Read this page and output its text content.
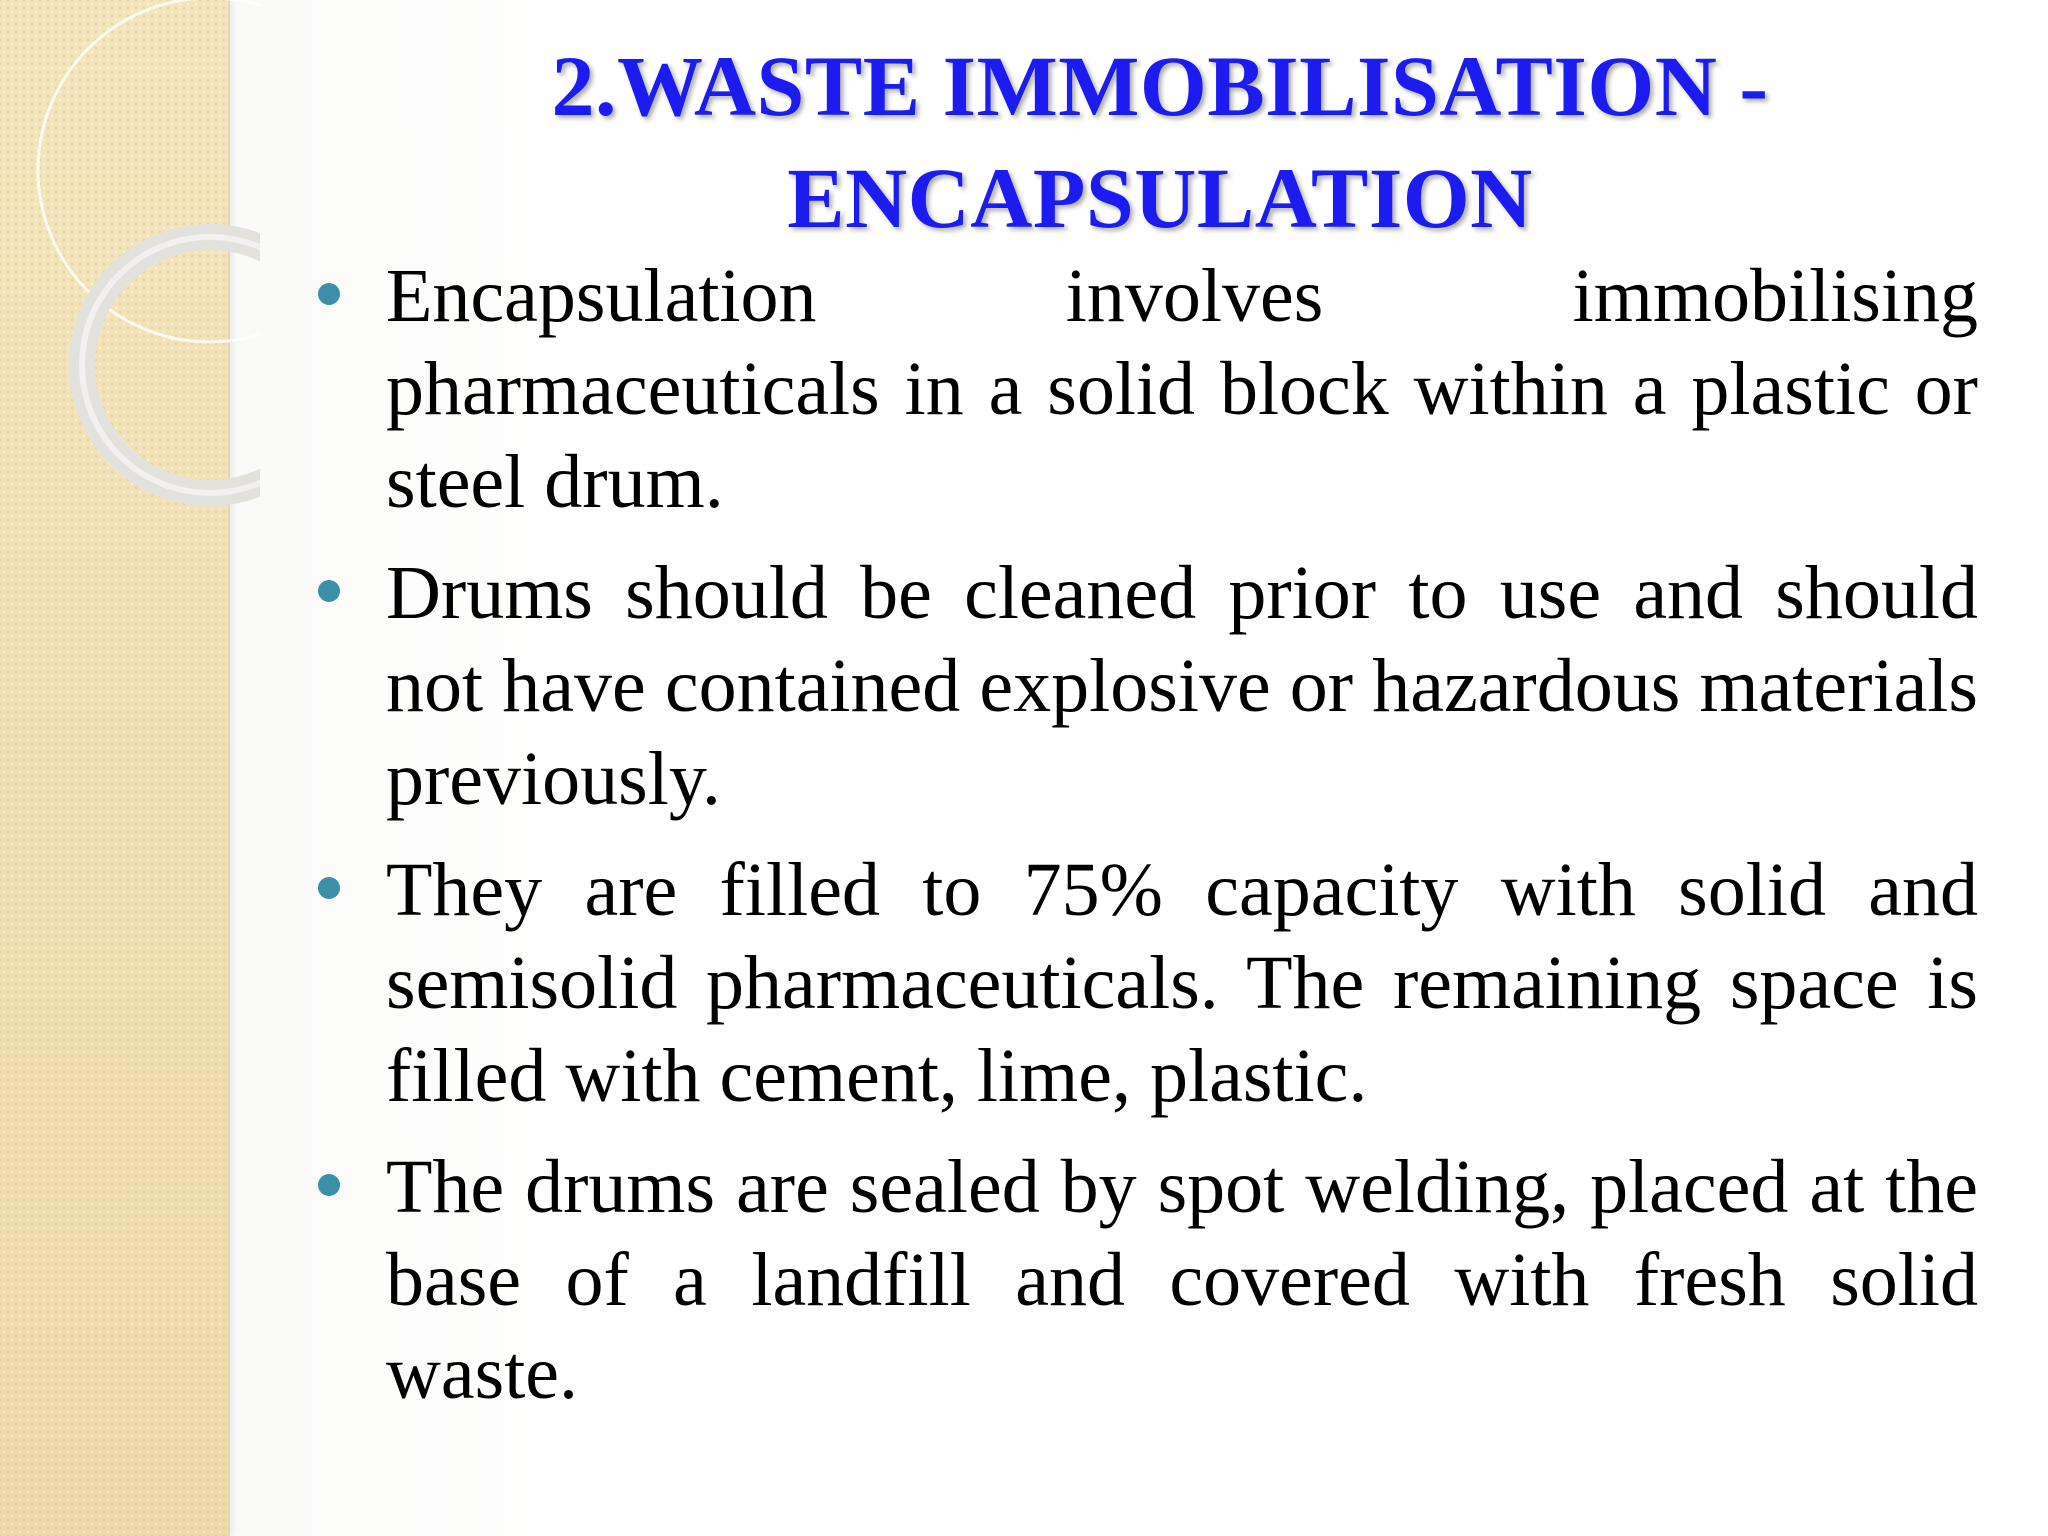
2.WASTE IMMOBILISATION - ENCAPSULATION
Encapsulation involves immobilising pharmaceuticals in a solid block within a plastic or steel drum.
Drums should be cleaned prior to use and should not have contained explosive or hazardous materials previously.
They are filled to 75% capacity with solid and semisolid pharmaceuticals. The remaining space is filled with cement, lime, plastic.
The drums are sealed by spot welding, placed at the base of a landfill and covered with fresh solid waste.
